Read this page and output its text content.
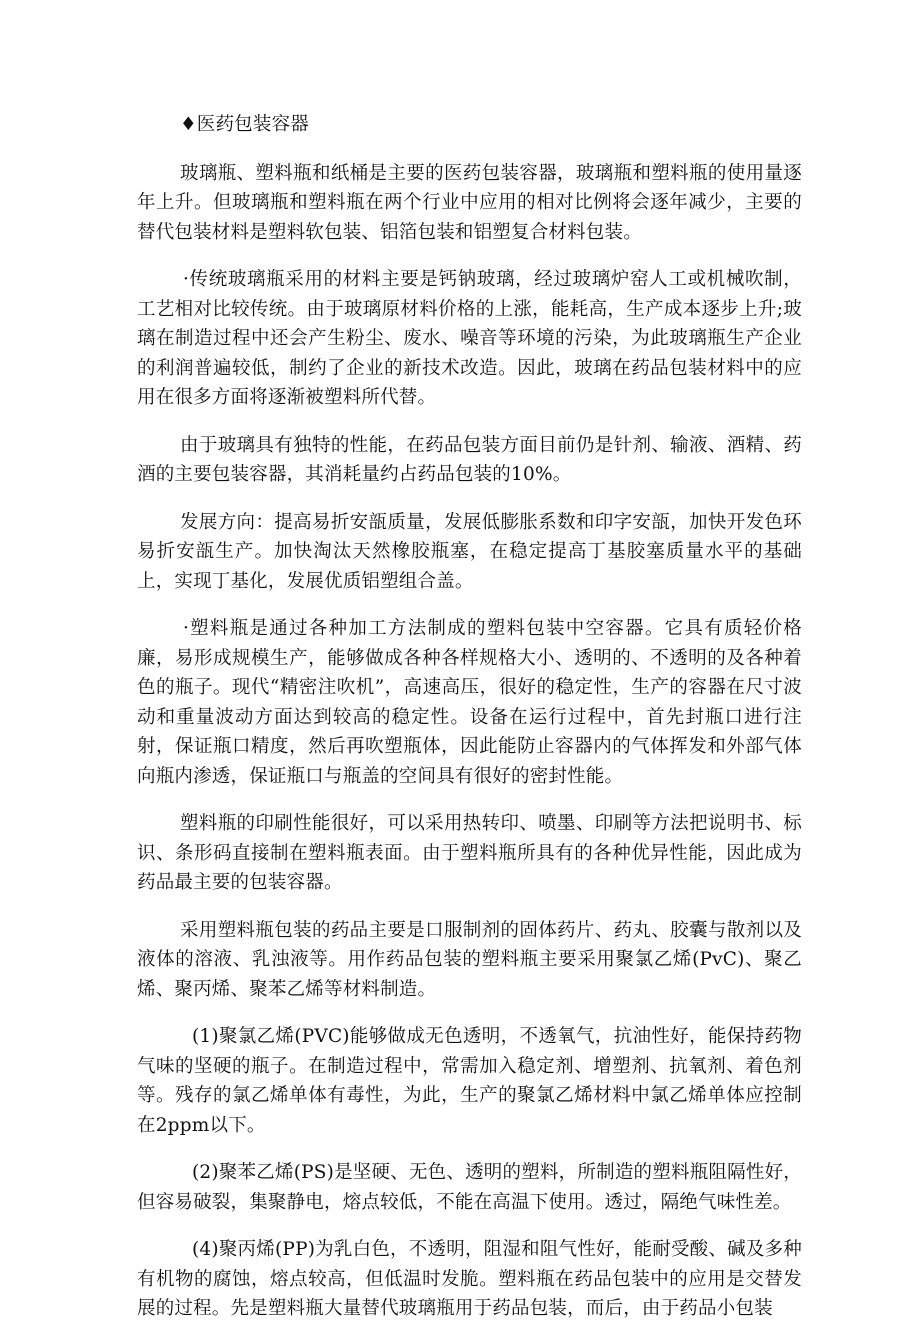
♦医药包装容器

玻璃瓶、塑料瓶和纸桶是主要的医药包装容器，玻璃瓶和塑料瓶的使用量逐年上升。但玻璃瓶和塑料瓶在两个行业中应用的相对比例将会逐年减少，主要的替代包装材料是塑料软包装、铝箔包装和铝塑复合材料包装。

·传统玻璃瓶采用的材料主要是钙钠玻璃，经过玻璃炉窑人工或机械吹制，工艺相对比较传统。由于玻璃原材料价格的上涨，能耗高，生产成本逐步上升;玻璃在制造过程中还会产生粉尘、废水、噪音等环境的污染，为此玻璃瓶生产企业的利润普遍较低，制约了企业的新技术改造。因此，玻璃在药品包装材料中的应用在很多方面将逐渐被塑料所代替。

由于玻璃具有独特的性能，在药品包装方面目前仍是针剂、输液、酒精、药酒的主要包装容器，其消耗量约占药品包装的10%。

发展方向：提高易折安瓿质量，发展低膨胀系数和印字安瓿，加快开发色环易折安瓿生产。加快淘汰天然橡胶瓶塞，在稳定提高丁基胶塞质量水平的基础上，实现丁基化，发展优质铝塑组合盖。

·塑料瓶是通过各种加工方法制成的塑料包装中空容器。它具有质轻价格廉，易形成规模生产，能够做成各种各样规格大小、透明的、不透明的及各种着色的瓶子。现代“精密注吹机”，高速高压，很好的稳定性，生产的容器在尺寸波动和重量波动方面达到较高的稳定性。设备在运行过程中，首先封瓶口进行注射，保证瓶口精度，然后再吹塑瓶体，因此能防止容器内的气体挥发和外部气体向瓶内渗透，保证瓶口与瓶盖的空间具有很好的密封性能。

塑料瓶的印刷性能很好，可以采用热转印、喷墨、印刷等方法把说明书、标识、条形码直接制在塑料瓶表面。由于塑料瓶所具有的各种优异性能，因此成为药品最主要的包装容器。

采用塑料瓶包装的药品主要是口服制剂的固体药片、药丸、胶囊与散剂以及液体的溶液、乳浊液等。用作药品包装的塑料瓶主要采用聚氯乙烯(PvC)、聚乙烯、聚丙烯、聚苯乙烯等材料制造。

(1)聚氯乙烯(PVC)能够做成无色透明，不透氧气，抗油性好，能保持药物气味的坚硬的瓶子。在制造过程中，常需加入稳定剂、增塑剂、抗氧剂、着色剂等。残存的氯乙烯单体有毒性，为此，生产的聚氯乙烯材料中氯乙烯单体应控制在2ppm以下。

(2)聚苯乙烯(PS)是坚硬、无色、透明的塑料，所制造的塑料瓶阻隔性好，但容易破裂，集聚静电，熔点较低，不能在高温下使用。透过，隔绝气味性差。

(4)聚丙烯(PP)为乳白色，不透明，阻湿和阻气性好，能耐受酸、碱及多种有机物的腐蚀，熔点较高，但低温时发脆。塑料瓶在药品包装中的应用是交替发展的过程。先是塑料瓶大量替代玻璃瓶用于药品包装，而后，由于药品小包装
